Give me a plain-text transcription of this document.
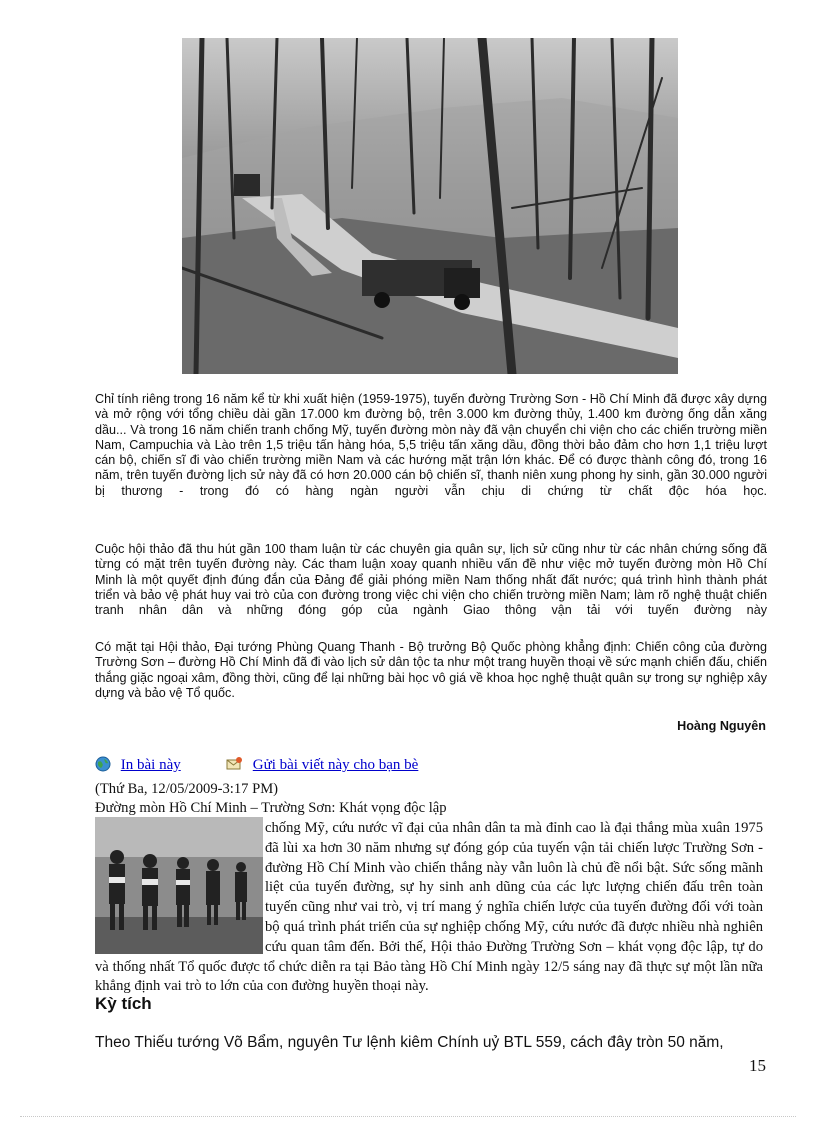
Chỉ tính riêng trong 16 năm kể từ khi xuất hiện (1959-1975), tuyến đường Trường Sơn - Hồ Chí Minh đã được xây dựng và mở rộng với tổng chiều dài gần 17.000 km đường bộ, trên 3.000 km đường thủy, 1.400 km đường ống dẫn xăng dầu... Và trong 16 năm chiến tranh chống Mỹ, tuyến đường mòn này đã vận chuyển chi viện cho các chiến trường miền Nam, Campuchia và Lào trên 1,5 triệu tấn hàng hóa, 5,5 triệu tấn xăng dầu, đồng thời bảo đảm cho hơn 1,1 triệu lượt cán bộ, chiến sĩ đi vào chiến trường miền Nam và các hướng mặt trận lớn khác. Để có được thành công đó, trong 16 năm, trên tuyến đường lịch sử này đã có hơn 20.000 cán bộ chiến sĩ, thanh niên xung phong hy sinh, gần 30.000 người bị thương - trong đó có hàng ngàn người vẫn chịu di chứng từ chất độc hóa học.

Cuộc hội thảo đã thu hút gần 100 tham luận từ các chuyên gia quân sự, lịch sử cũng như từ các nhân chứng sống đã từng có mặt trên tuyến đường này. Các tham luận xoay quanh nhiều vấn đề như việc mở tuyến đường mòn Hồ Chí Minh là một quyết định đúng đắn của Đảng để giải phóng miền Nam thống nhất đất nước; quá trình hình thành phát triển và bảo vệ phát huy vai trò của con đường trong việc chi viện cho chiến trường miền Nam; làm rõ nghệ thuật chiến tranh nhân dân và những đóng góp của ngành Giao thông vận tải với tuyến đường này

Có mặt tại Hội thảo, Đại tướng Phùng Quang Thanh - Bộ trưởng Bộ Quốc phòng khẳng định: Chiến công của đường Trường Sơn – đường Hồ Chí Minh đã đi vào lịch sử dân tộc ta như một trang huyền thoại về sức mạnh chiến đấu, chiến thắng giặc ngoại xâm, đồng thời, cũng để lại những bài học vô giá về khoa học nghệ thuật quân sự trong sự nghiệp xây dựng và bảo vệ Tổ quốc.

Hoàng Nguyên
In bài này	Gửi bài viết này cho bạn bè
(Thứ Ba, 12/05/2009-3:17 PM)
Đường mòn Hồ Chí Minh – Trường Sơn: Khát vọng độc lập

chống Mỹ, cứu nước vĩ đại của nhân dân ta mà đỉnh cao là đại thắng mùa xuân 1975 đã lùi xa hơn 30 năm nhưng sự đóng góp của tuyến vận tải chiến lược Trường Sơn - đường Hồ Chí Minh vào chiến thắng này vẫn luôn là chủ đề nổi bật. Sức sống mãnh liệt của tuyến đường, sự hy sinh anh dũng của các lực lượng chiến đấu trên toàn tuyến cũng như vai trò, vị trí mang ý nghĩa chiến lược của tuyến đường đối với toàn bộ quá trình phát triển của sự nghiệp chống Mỹ, cứu nước đã được nhiều nhà nghiên cứu quan tâm đến. Bởi thế, Hội thảo Đường Trường Sơn – khát vọng độc lập, tự do và thống nhất Tổ quốc được tổ chức diễn ra tại Bảo tàng Hồ Chí Minh ngày 12/5 sáng nay đã thực sự một lần nữa khẳng định vai trò to lớn của con đường huyền thoại này.

Kỳ tích
Theo Thiếu tướng Võ Bẩm, nguyên Tư lệnh kiêm Chính uỷ BTL 559, cách đây tròn 50 năm,
15
